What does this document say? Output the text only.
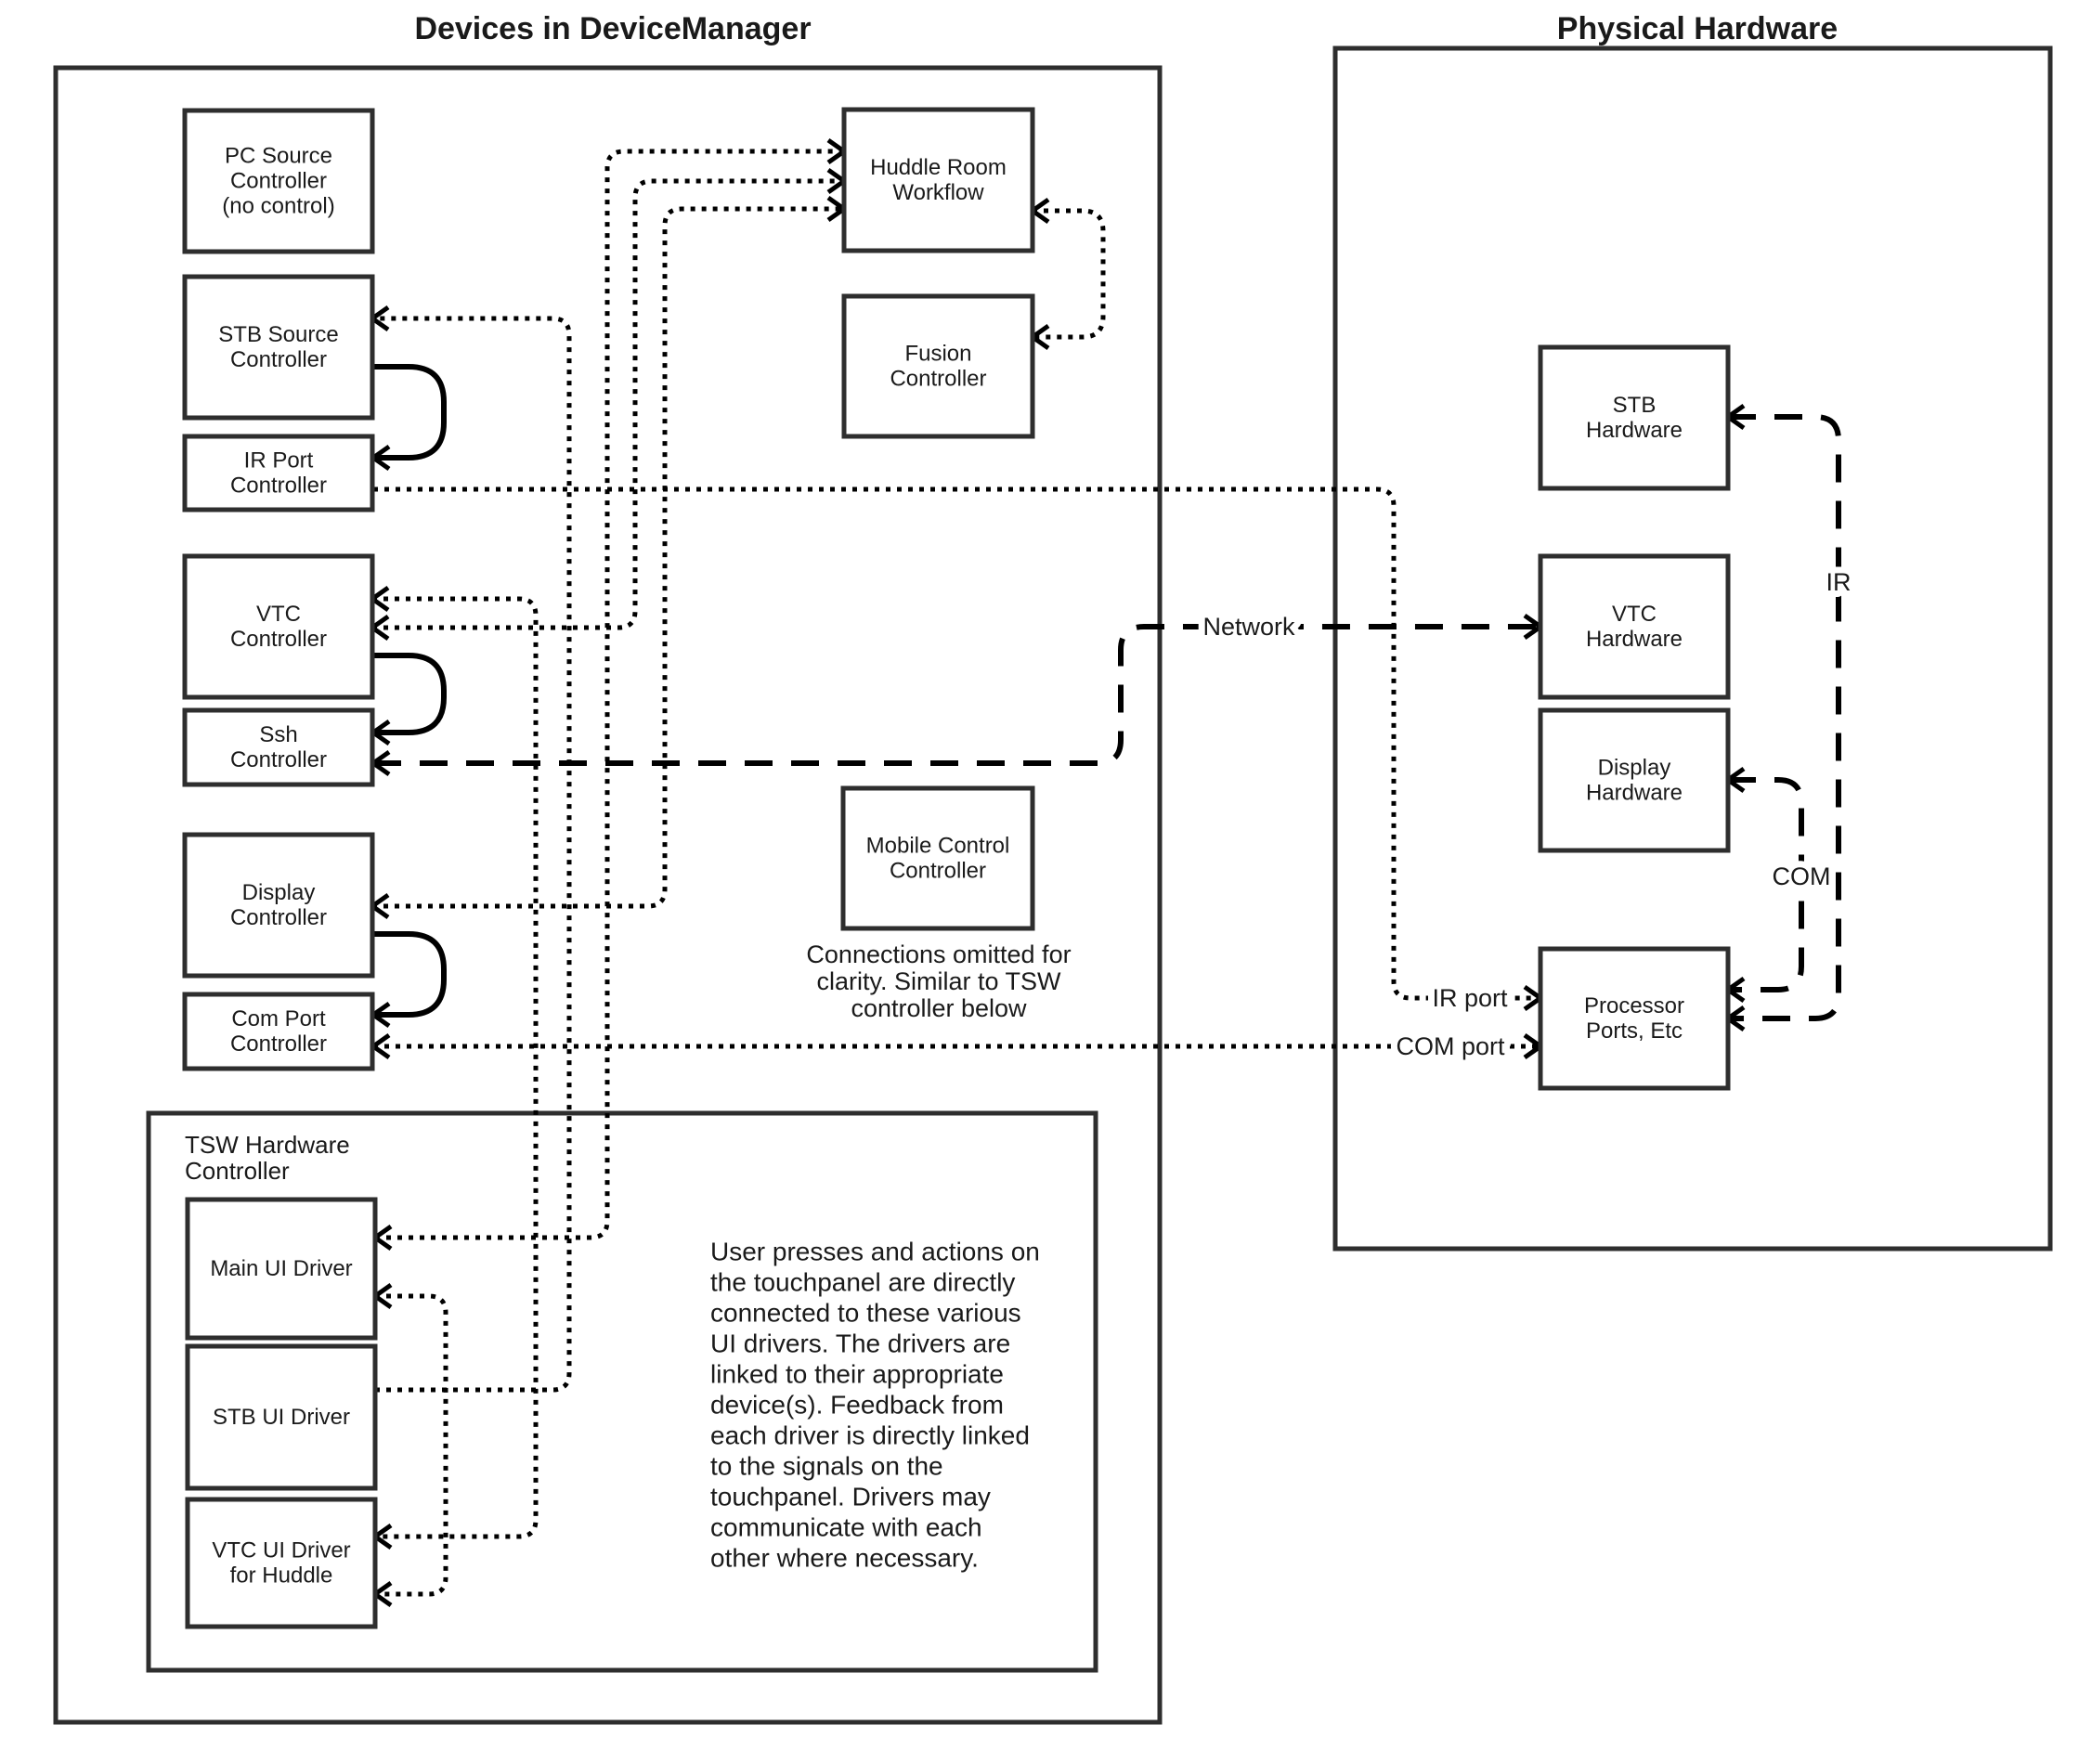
TSW Hardware
Controller
IR port
COM port
Network
COM
IR
PC Source
Controller
(no control)
STB Source
Controller
IR Port
Controller
VTC
Controller
Ssh
Controller
Display
Controller
Com Port
Controller
Main UI Driver
STB UI Driver
VTC UI Driver
for Huddle
Huddle Room
Workflow
Fusion
Controller
Mobile Control
Controller
STB
Hardware
VTC
Hardware
Display
Hardware
Processor
Ports, Etc
Devices in DeviceManager	Physical Hardware
Connections omitted for
clarity. Similar to TSW
controller below
User presses and actions on
the touchpanel are directly
connected to these various
UI drivers. The drivers are
linked to their appropriate
device(s). Feedback from
each driver is directly linked
to the signals on the
touchpanel. Drivers may
communicate with each
other where necessary.
